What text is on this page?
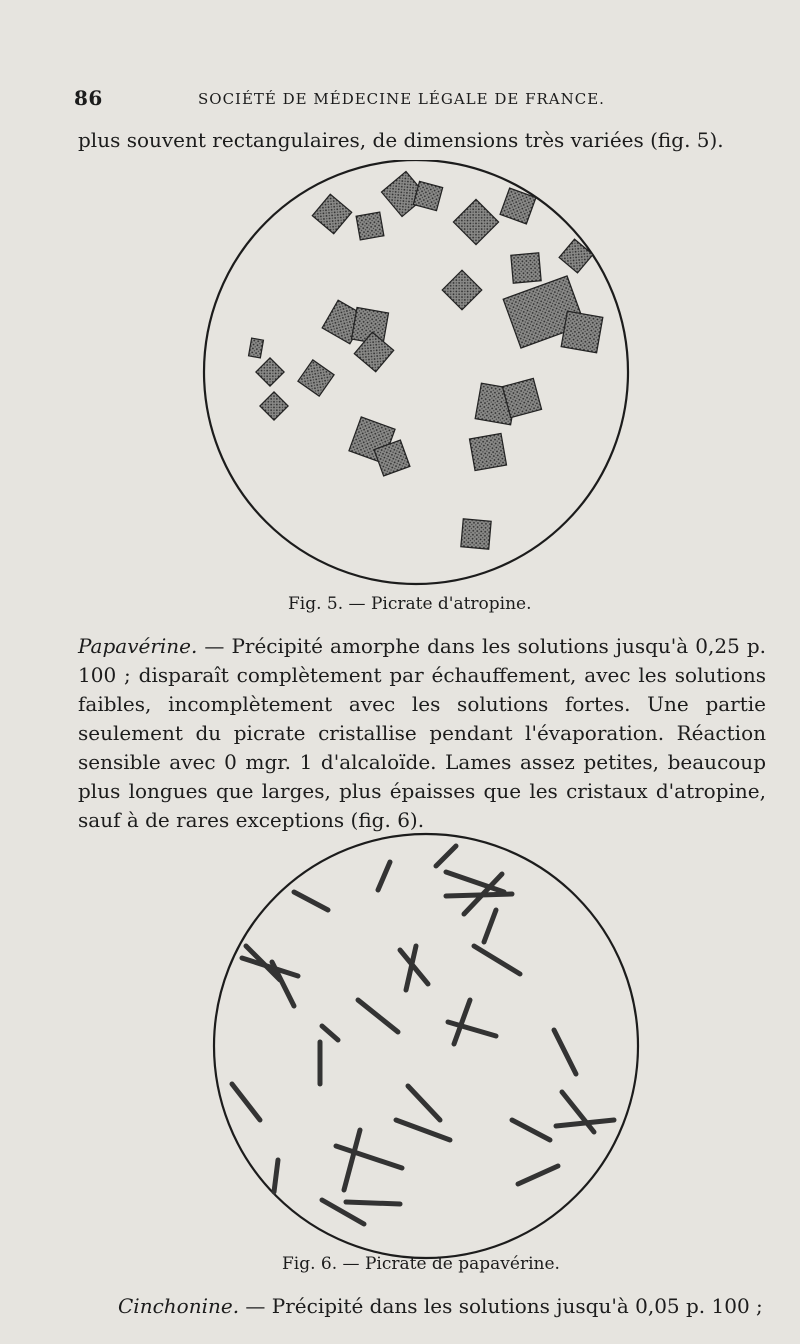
86	SOCIÉTÉ DE MÉDECINE LÉGALE DE FRANCE.
plus souvent rectangulaires, de dimensions très variées (fig. 5).
Fig. 5. — Picrate d'atropine.
Papavérine. — Précipité amorphe dans les solutions jusqu'à 0,25 p. 100 ; disparaît complètement par échauffement, avec les solutions faibles, incomplètement avec les solutions fortes. Une partie seulement du picrate cristallise pendant l'évaporation. Réaction sensible avec 0 mgr. 1 d'alcaloïde. Lames assez petites, beaucoup plus longues que larges, plus épaisses que les cristaux d'atropine, sauf à de rares exceptions (fig. 6).
Fig. 6. — Picrate de papavérine.
Cinchonine. — Précipité dans les solutions jusqu'à 0,05 p. 100 ;
